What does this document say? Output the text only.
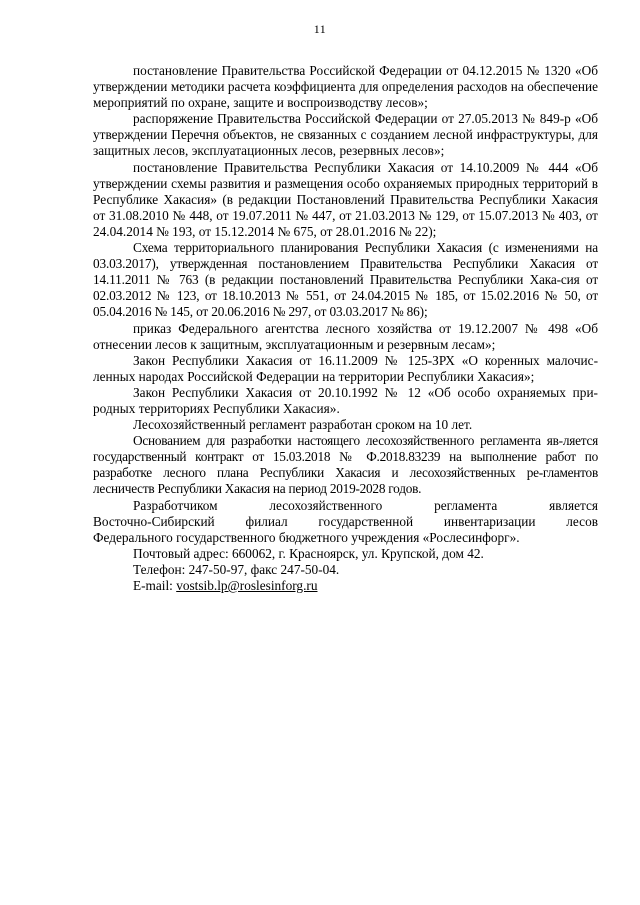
11

постановление Правительства Российской Федерации от 04.12.2015 № 1320 «Об утверждении методики расчета коэффициента для определения расходов на обеспечение мероприятий по охране, защите и воспроизводству лесов»;

распоряжение Правительства Российской Федерации от 27.05.2013 № 849-р «Об утверждении Перечня объектов, не связанных с созданием лесной инфраструктуры, для защитных лесов, эксплуатационных лесов, резервных лесов»;

постановление Правительства Республики Хакасия от 14.10.2009 № 444 «Об утверждении схемы развития и размещения особо охраняемых природных территорий в Республике Хакасия» (в редакции Постановлений Правительства Республики Хакасия от 31.08.2010 № 448, от 19.07.2011 № 447, от 21.03.2013 № 129, от 15.07.2013 № 403, от 24.04.2014 № 193, от 15.12.2014 № 675, от 28.01.2016 № 22);

Схема территориального планирования Республики Хакасия (с изменениями на 03.03.2017), утвержденная постановлением Правительства Республики Хакасия от 14.11.2011 № 763 (в редакции постановлений Правительства Республики Хака-сия от 02.03.2012 № 123, от 18.10.2013 № 551, от 24.04.2015 № 185, от 15.02.2016 № 50, от 05.04.2016 № 145, от 20.06.2016 № 297, от 03.03.2017 № 86);

приказ Федерального агентства лесного хозяйства от 19.12.2007 № 498 «Об отнесении лесов к защитным, эксплуатационным и резервным лесам»;

Закон Республики Хакасия от 16.11.2009 № 125-ЗРХ «О коренных малочис-ленных народах Российской Федерации на территории Республики Хакасия»;

Закон Республики Хакасия от 20.10.1992 № 12 «Об особо охраняемых при-родных территориях Республики Хакасия».

Лесохозяйственный регламент разработан сроком на 10 лет.

Основанием для разработки настоящего лесохозяйственного регламента яв-ляется государственный контракт от 15.03.2018 № Ф.2018.83239 на выполнение работ по разработке лесного плана Республики Хакасия и лесохозяйственных ре-гламентов лесничеств Республики Хакасия на период 2019-2028 годов.

Разработчиком лесохозяйственного регламента является
Восточно-Сибирский филиал государственной инвентаризации лесов
Федерального государственного бюджетного учреждения «Рослесинфорг».
Почтовый адрес: 660062, г. Красноярск, ул. Крупской, дом 42.
Телефон: 247-50-97, факс 247-50-04.
E-mail: vostsib.lp@roslesinforg.ru
